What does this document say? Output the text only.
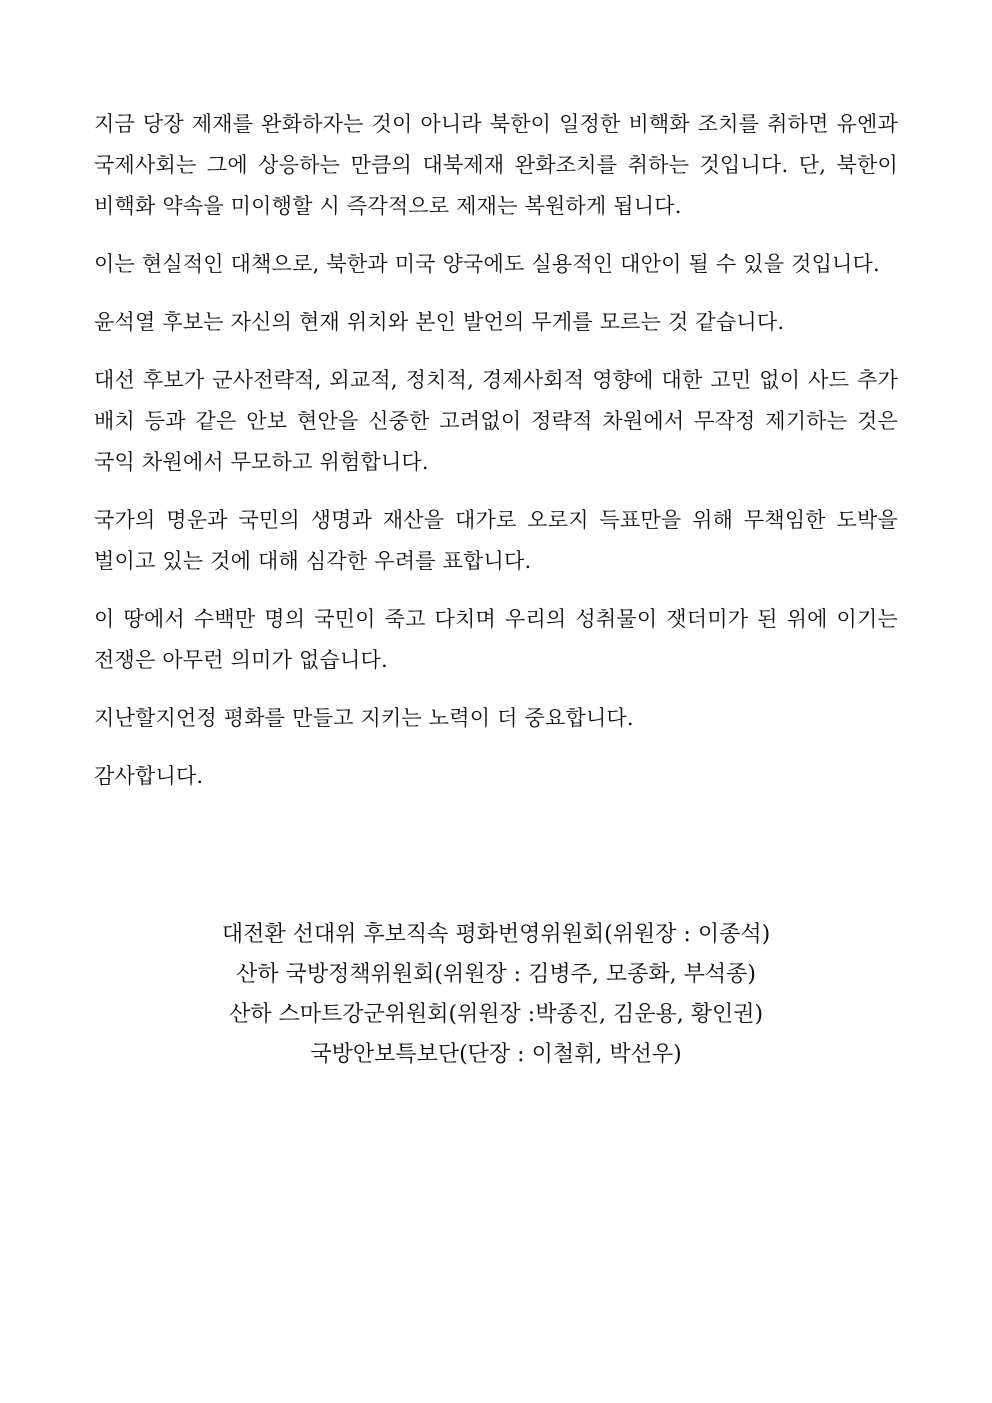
지금 당장 제재를 완화하자는 것이 아니라 북한이 일정한 비핵화 조치를 취하면 유엔과 국제사회는 그에 상응하는 만큼의 대북제재 완화조치를 취하는 것입니다. 단, 북한이 비핵화 약속을 미이행할 시 즉각적으로 제재는 복원하게 됩니다.

이는 현실적인 대책으로, 북한과 미국 양국에도 실용적인 대안이 될 수 있을 것입니다.

윤석열 후보는 자신의 현재 위치와 본인 발언의 무게를 모르는 것 같습니다.

대선 후보가 군사전략적, 외교적, 정치적, 경제사회적 영향에 대한 고민 없이 사드 추가 배치 등과 같은 안보 현안을 신중한 고려없이 정략적 차원에서 무작정 제기하는 것은 국익 차원에서 무모하고 위험합니다.

국가의 명운과 국민의 생명과 재산을 대가로 오로지 득표만을 위해 무책임한 도박을 벌이고 있는 것에 대해 심각한 우려를 표합니다.

이 땅에서 수백만 명의 국민이 죽고 다치며 우리의 성취물이 잿더미가 된 위에 이기는 전쟁은 아무런 의미가 없습니다.

지난할지언정 평화를 만들고 지키는 노력이 더 중요합니다.

감사합니다.

대전환 선대위 후보직속 평화번영위원회(위원장 : 이종석)
산하 국방정책위원회(위원장 : 김병주, 모종화, 부석종)
산하 스마트강군위원회(위원장 :박종진, 김운용, 황인권)
국방안보특보단(단장 : 이철휘, 박선우)
